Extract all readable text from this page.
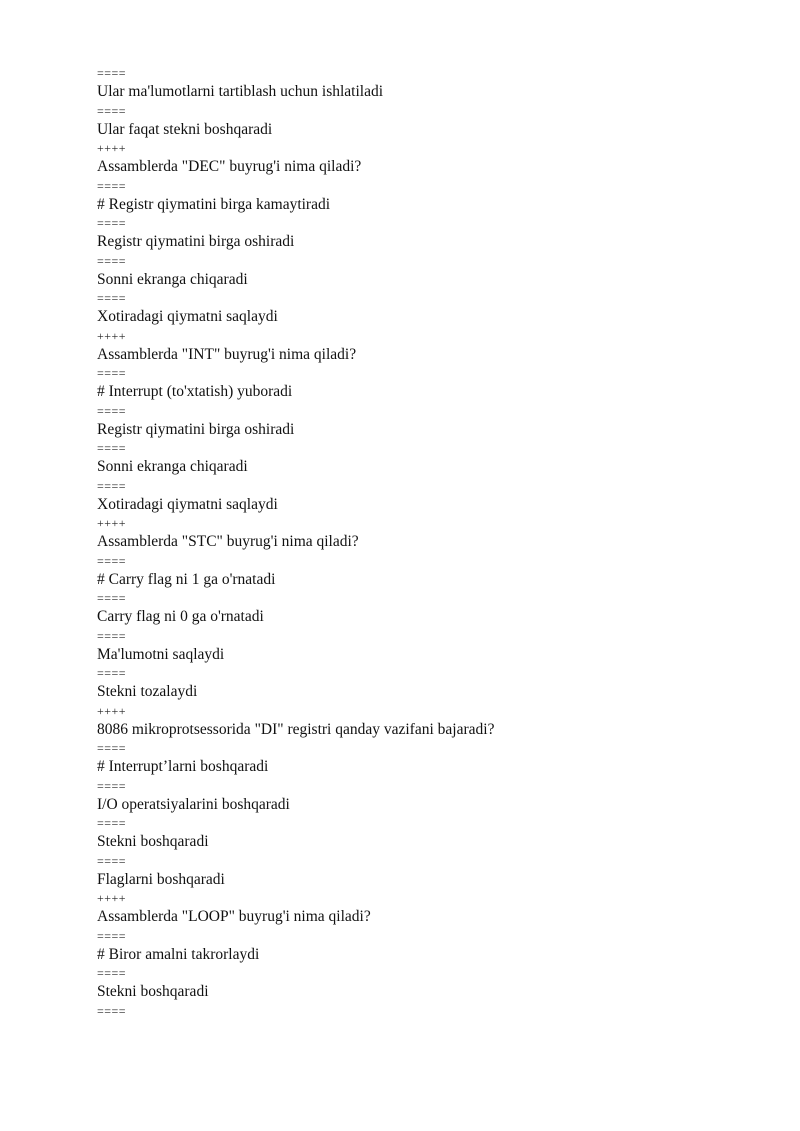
====
Ular ma'lumotlarni tartiblash uchun ishlatiladi
====
Ular faqat stekni boshqaradi
++++
Assamblerda "DEC" buyrug'i nima qiladi?
====
# Registr qiymatini birga kamaytiradi
====
Registr qiymatini birga oshiradi
====
Sonni ekranga chiqaradi
====
Xotiradagi qiymatni saqlaydi
++++
Assamblerda "INT" buyrug'i nima qiladi?
====
# Interrupt (to'xtatish) yuboradi
====
Registr qiymatini birga oshiradi
====
Sonni ekranga chiqaradi
====
Xotiradagi qiymatni saqlaydi
++++
Assamblerda "STC" buyrug'i nima qiladi?
====
# Carry flag ni 1 ga o'rnatadi
====
Carry flag ni 0 ga o'rnatadi
====
Ma'lumotni saqlaydi
====
Stekni tozalaydi
++++
8086 mikroprotsessorida "DI" registri qanday vazifani bajaradi?
====
# Interrupt’larni boshqaradi
====
I/O operatsiyalarini boshqaradi
====
Stekni boshqaradi
====
Flaglarni boshqaradi
++++
Assamblerda "LOOP" buyrug'i nima qiladi?
====
# Biror amalni takrorlaydi
====
Stekni boshqaradi
====
